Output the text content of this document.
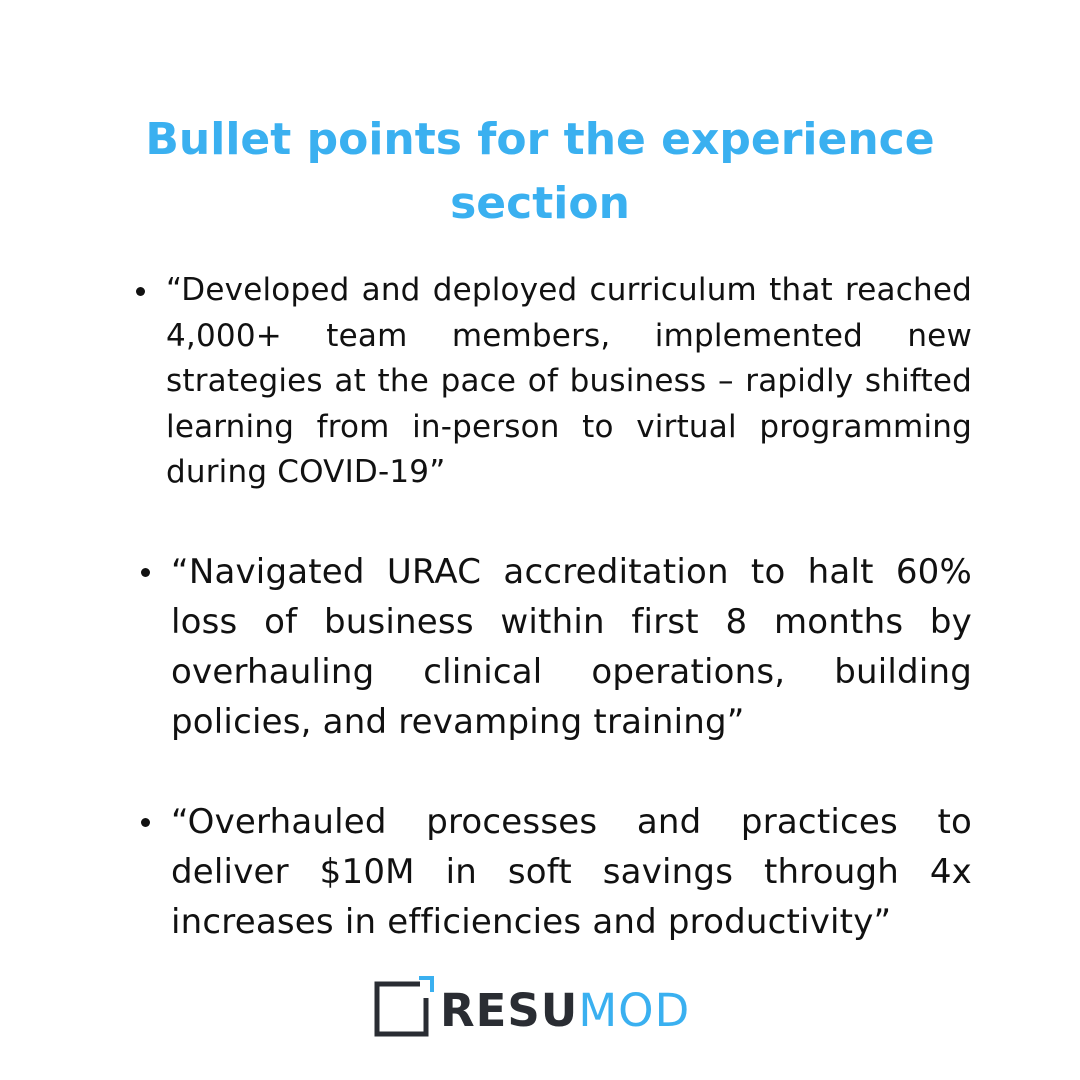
Bullet points for the experience section
“Developed and deployed curriculum that reached 4,000+ team members, implemented new strategies at the pace of business – rapidly shifted learning from in-person to virtual programming during COVID-19”
“Navigated URAC accreditation to halt 60% loss of business within first 8 months by overhauling clinical operations, building policies, and revamping training”
“Overhauled processes and practices to deliver $10M in soft savings through 4x increases in efficiencies and productivity”
RESUMOD
